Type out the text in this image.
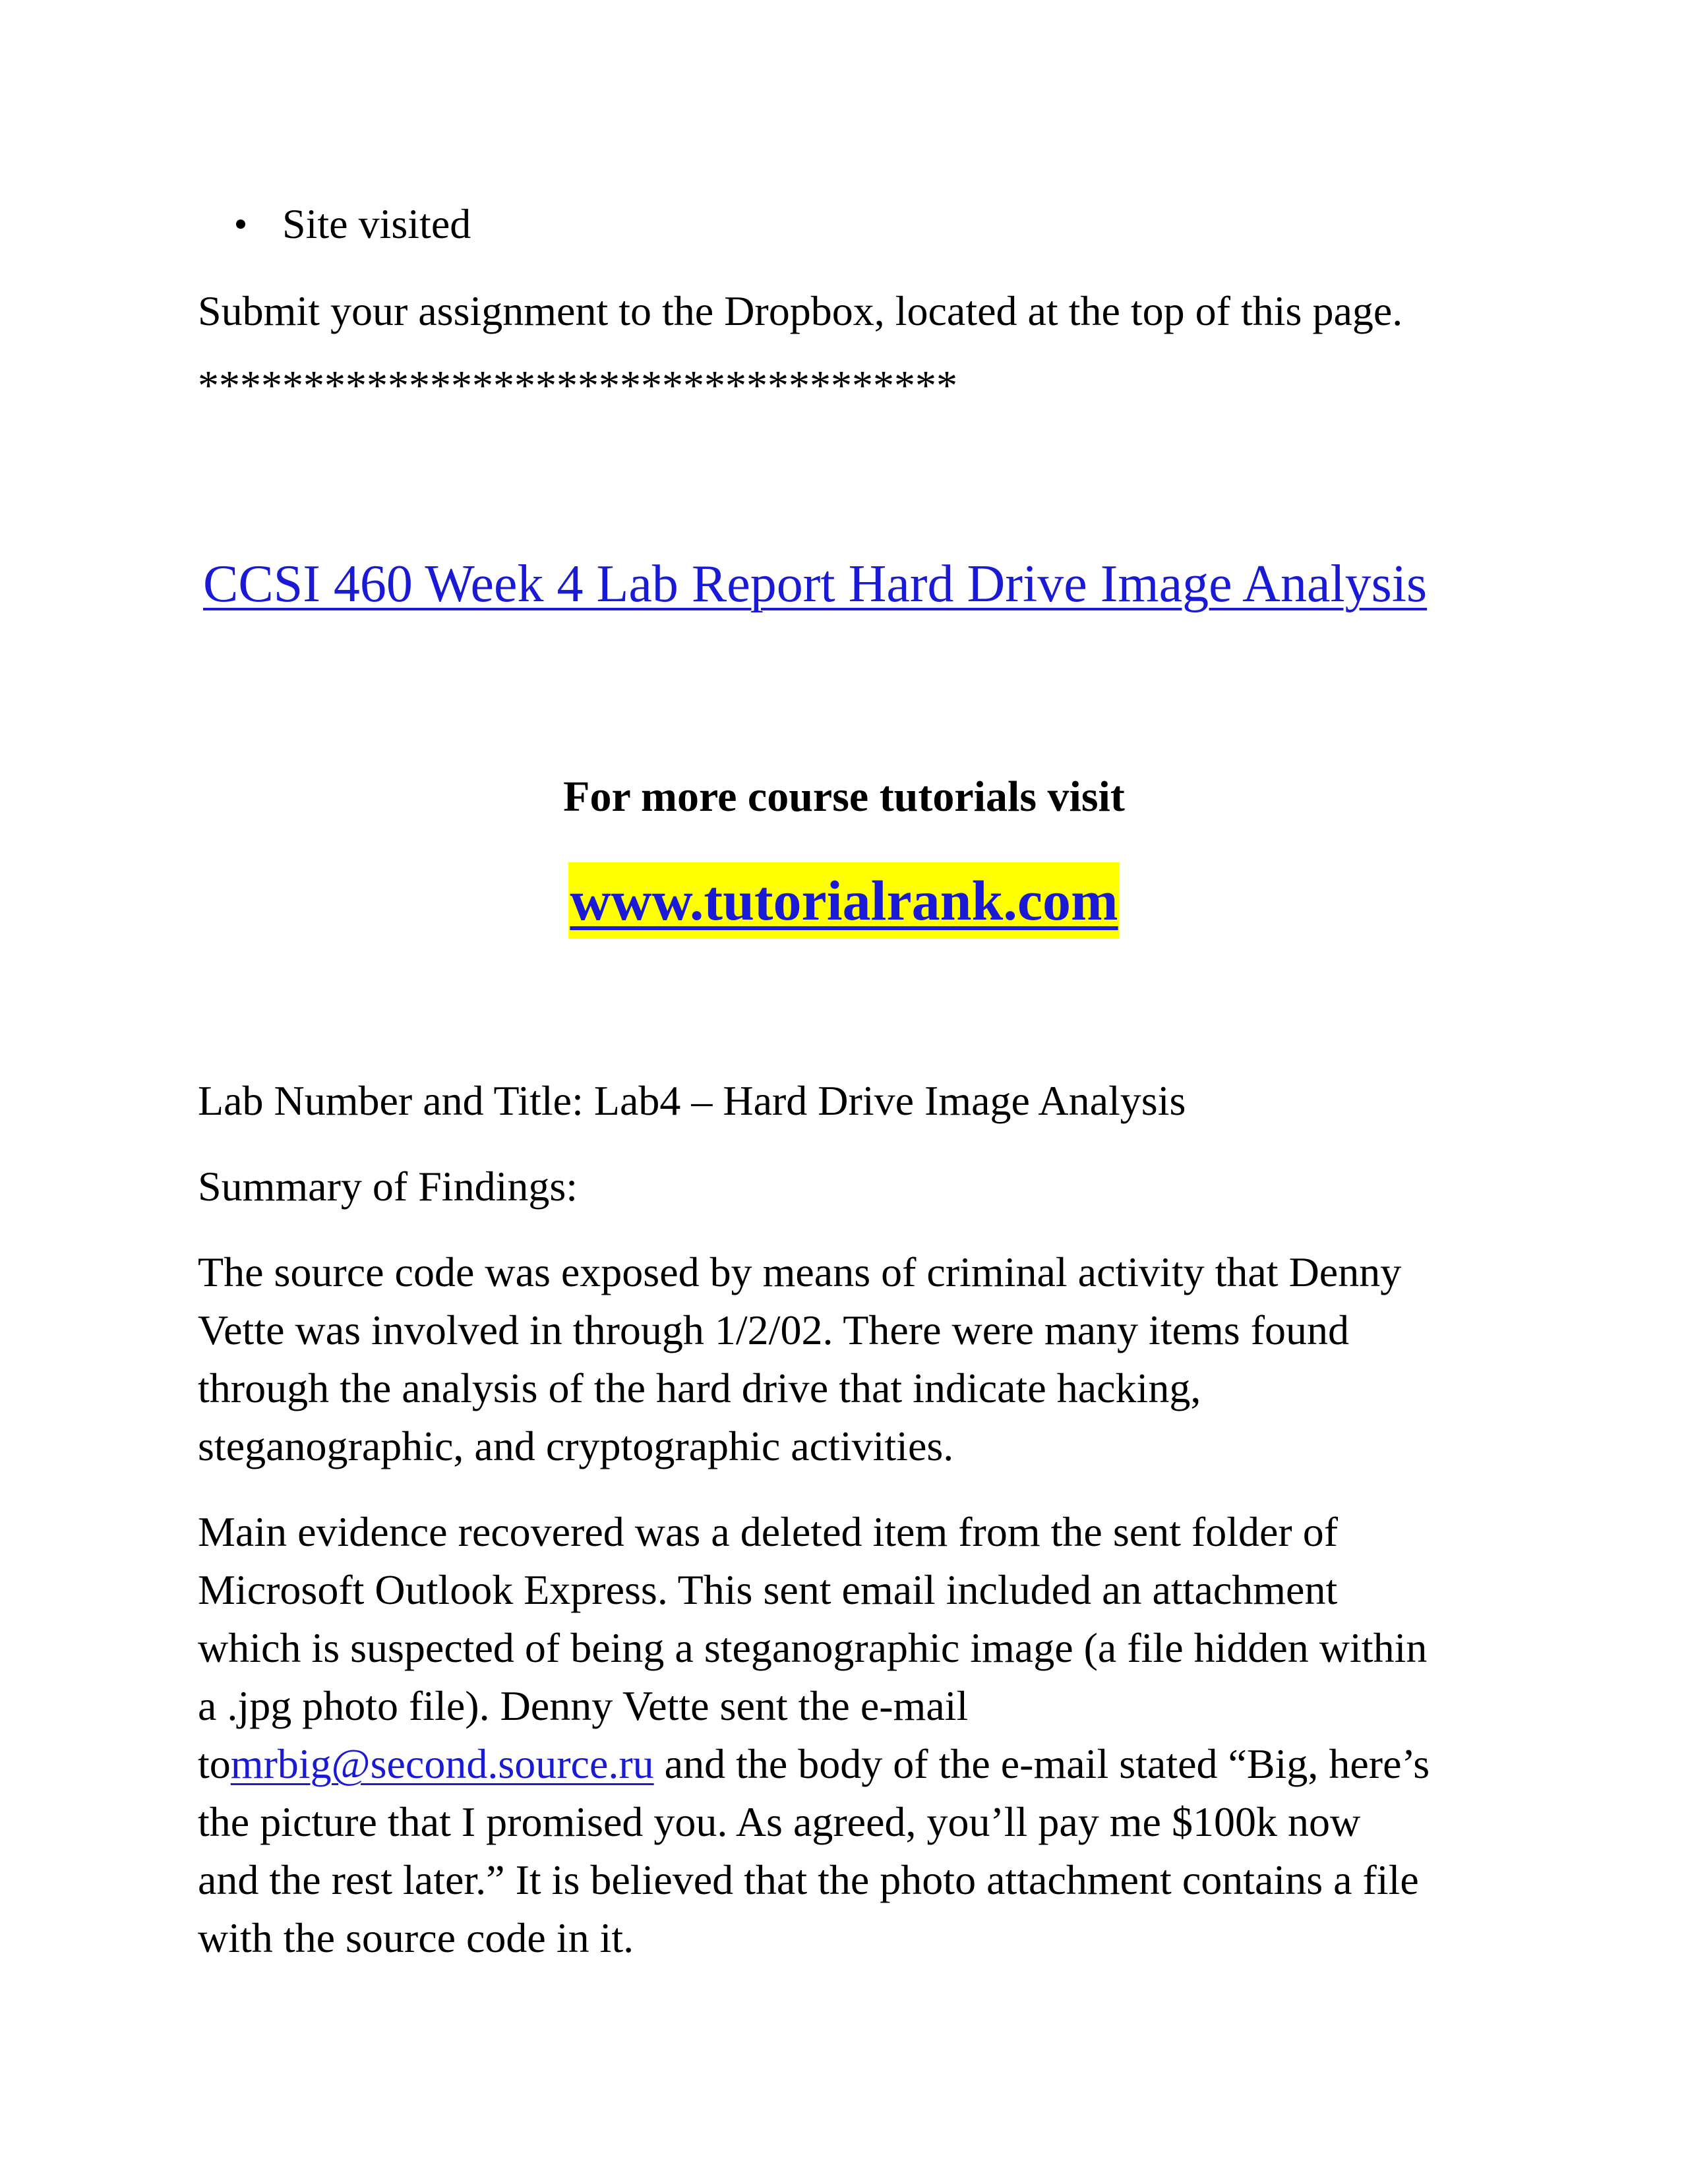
Site visited
Submit your assignment to the Dropbox, located at the top of this page.
************************************
CCSI 460 Week 4 Lab Report Hard Drive Image Analysis
For more course tutorials visit
www.tutorialrank.com
Lab Number and Title: Lab4 – Hard Drive Image Analysis
Summary of Findings:
The source code was exposed by means of criminal activity that Denny
Vette was involved in through 1/2/02. There were many items found
through the analysis of the hard drive that indicate hacking,
steganographic, and cryptographic activities.
Main evidence recovered was a deleted item from the sent folder of
Microsoft Outlook Express. This sent email included an attachment
which is suspected of being a steganographic image (a file hidden within
a .jpg photo file). Denny Vette sent the e-mail
tomrbig@second.source.ru and the body of the e-mail stated “Big, here’s
the picture that I promised you. As agreed, you’ll pay me $100k now
and the rest later.” It is believed that the photo attachment contains a file
with the source code in it.
